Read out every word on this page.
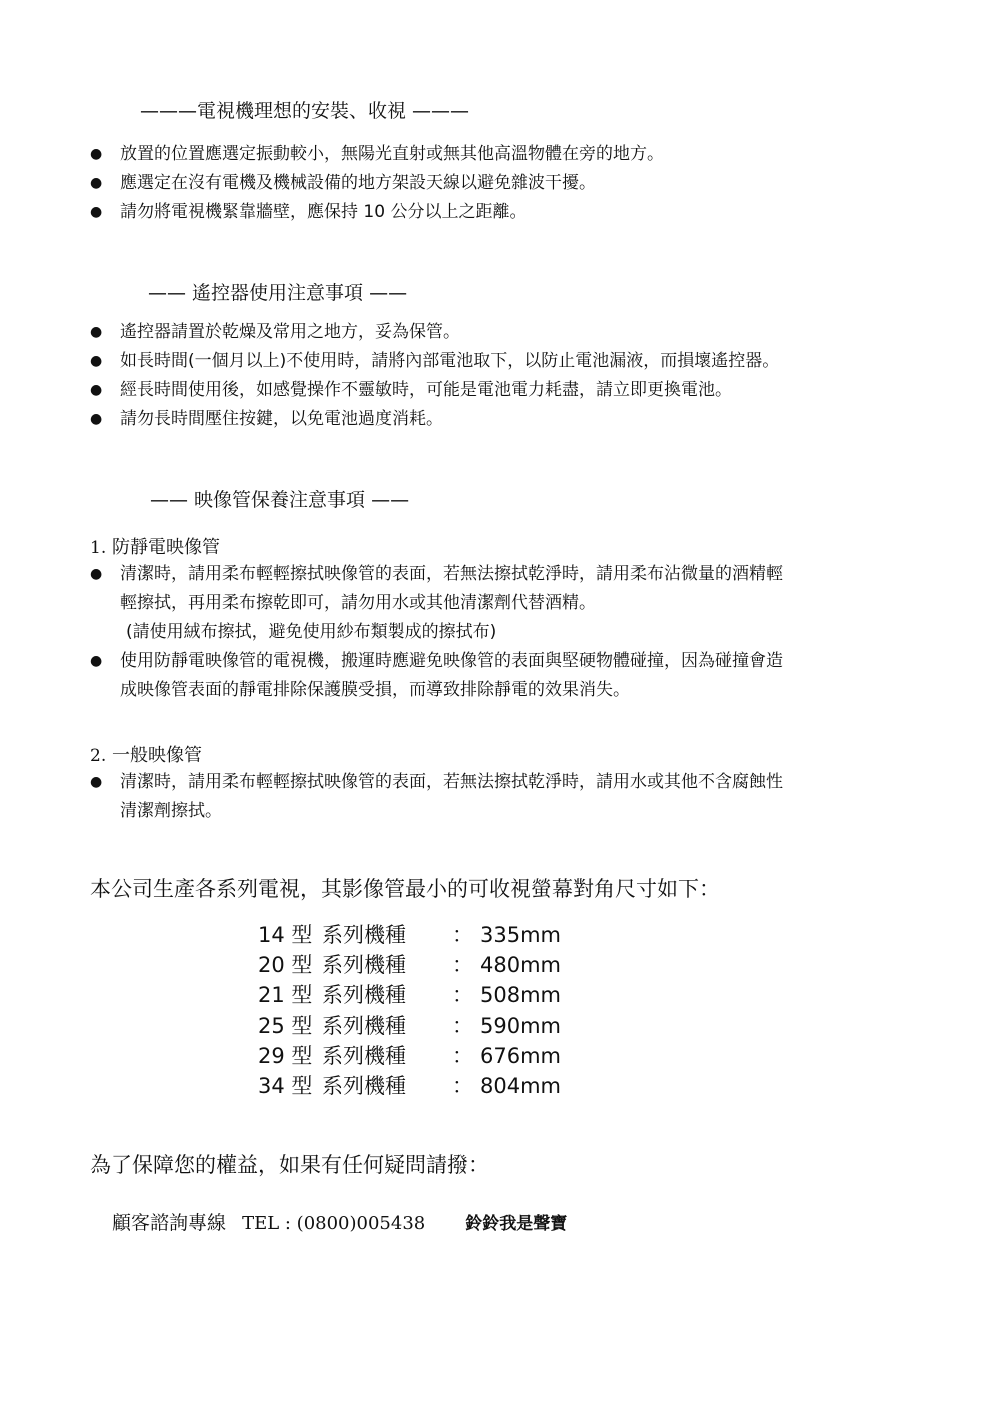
———電視機理想的安裝、收視 ———
● 放置的位置應選定振動較小，無陽光直射或無其他高溫物體在旁的地方。
● 應選定在沒有電機及機械設備的地方架設天線以避免雜波干擾。
● 請勿將電視機緊靠牆壁，應保持 10 公分以上之距離。
—— 遙控器使用注意事項 ——
● 遙控器請置於乾燥及常用之地方，妥為保管。
● 如長時間(一個月以上)不使用時，請將內部電池取下，以防止電池漏液，而損壞遙控器。
● 經長時間使用後，如感覺操作不靈敏時，可能是電池電力耗盡，請立即更換電池。
● 請勿長時間壓住按鍵，以免電池過度消耗。
—— 映像管保養注意事項 ——
1. 防靜電映像管
● 清潔時，請用柔布輕輕擦拭映像管的表面，若無法擦拭乾淨時，請用柔布沾微量的酒精輕
輕擦拭，再用柔布擦乾即可，請勿用水或其他清潔劑代替酒精。
(請使用絨布擦拭，避免使用紗布類製成的擦拭布)
● 使用防靜電映像管的電視機，搬運時應避免映像管的表面與堅硬物體碰撞，因為碰撞會造
成映像管表面的靜電排除保護膜受損，而導致排除靜電的效果消失。
2. 一般映像管
● 清潔時，請用柔布輕輕擦拭映像管的表面，若無法擦拭乾淨時，請用水或其他不含腐蝕性
清潔劑擦拭。
本公司生產各系列電視，其影像管最小的可收視螢幕對角尺寸如下：
14 型 系列機種 ： 335mm
20 型 系列機種 ： 480mm
21 型 系列機種 ： 508mm
25 型 系列機種 ： 590mm
29 型 系列機種 ： 676mm
34 型 系列機種 ： 804mm
為了保障您的權益，如果有任何疑問請撥：
顧客諮詢專線 TEL : (0800)005438 鈴鈴我是聲寶
